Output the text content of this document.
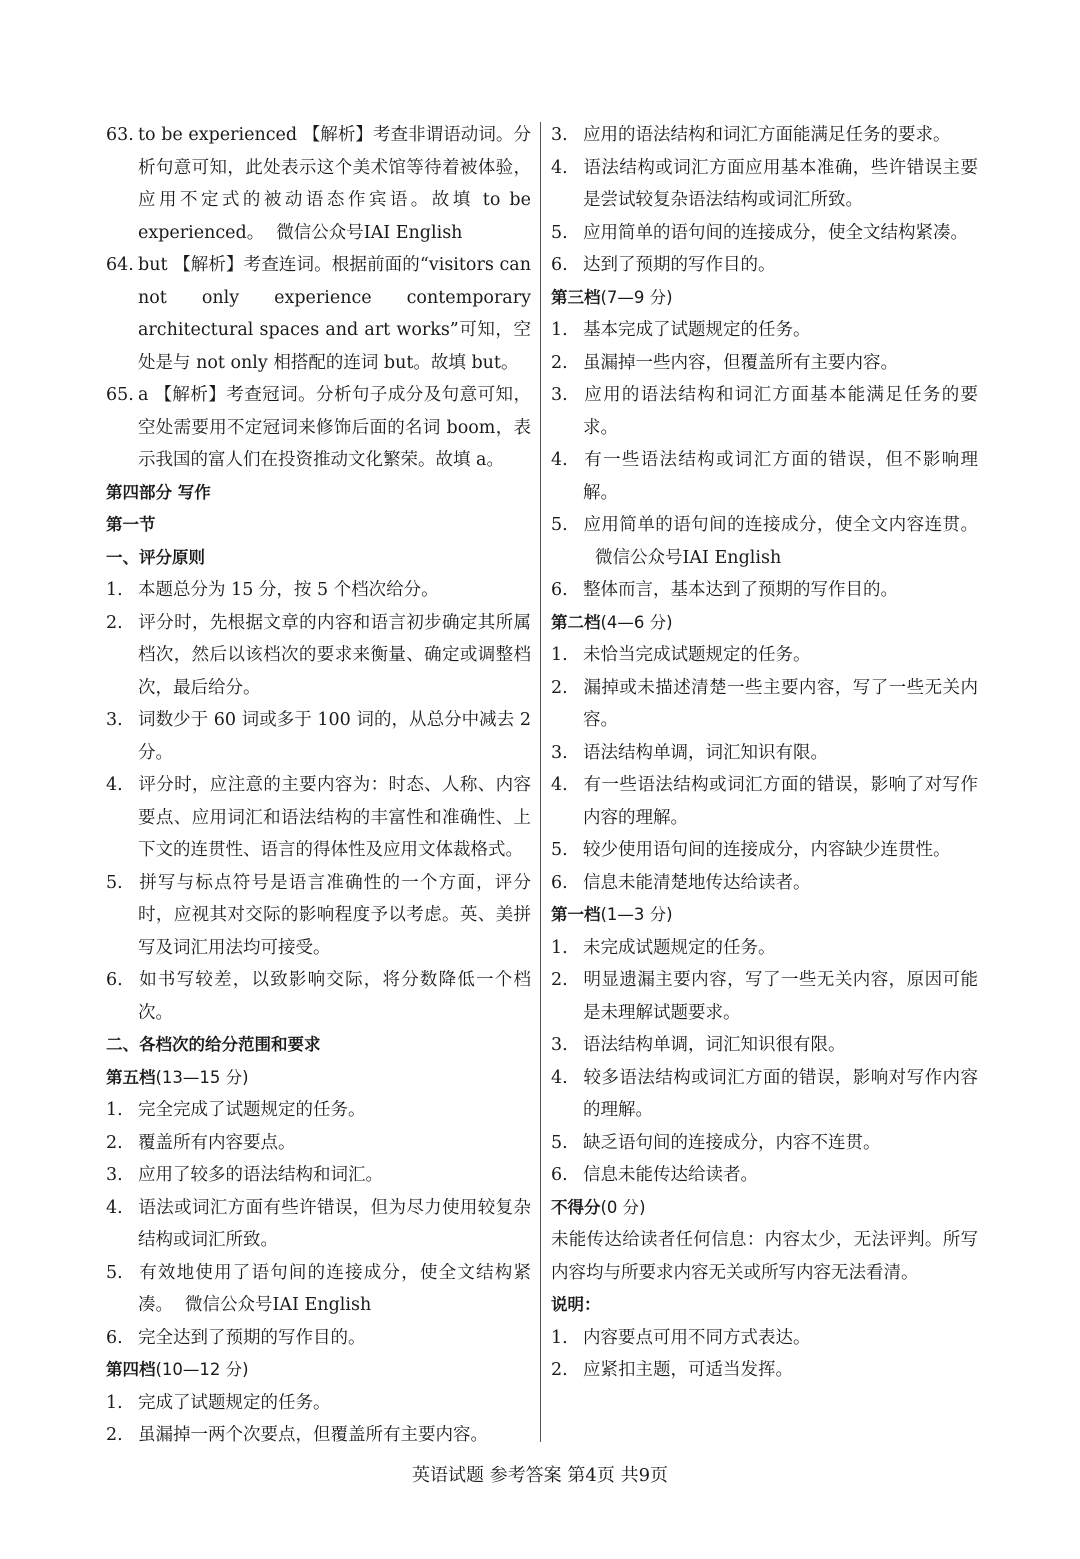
63. to be experienced 【解析】考查非谓语动词。分析句意可知，此处表示这个美术馆等待着被体验，应用不定式的被动语态作宾语。故填 to be experienced。 微信公众号IAI English

64. but 【解析】考查连词。根据前面的“visitors can not only experience contemporary architectural spaces and art works”可知，空处是与 not only 相搭配的连词 but。故填 but。

65. a 【解析】考查冠词。分析句子成分及句意可知，空处需要用不定冠词来修饰后面的名词 boom，表示我国的富人们在投资推动文化繁荣。故填 a。

第四部分 写作

第一节

一、评分原则

1. 本题总分为 15 分，按 5 个档次给分。

2. 评分时，先根据文章的内容和语言初步确定其所属档次，然后以该档次的要求来衡量、确定或调整档次，最后给分。

3. 词数少于 60 词或多于 100 词的，从总分中减去 2 分。

4. 评分时，应注意的主要内容为：时态、人称、内容要点、应用词汇和语法结构的丰富性和准确性、上下文的连贯性、语言的得体性及应用文体裁格式。

5. 拼写与标点符号是语言准确性的一个方面，评分时，应视其对交际的影响程度予以考虑。英、美拼写及词汇用法均可接受。

6. 如书写较差，以致影响交际，将分数降低一个档次。

二、各档次的给分范围和要求

第五档(13—15 分)

1. 完全完成了试题规定的任务。

2. 覆盖所有内容要点。

3. 应用了较多的语法结构和词汇。

4. 语法或词汇方面有些许错误，但为尽力使用较复杂结构或词汇所致。

5. 有效地使用了语句间的连接成分，使全文结构紧凑。 微信公众号IAI English

6. 完全达到了预期的写作目的。

第四档(10—12 分)

1. 完成了试题规定的任务。

2. 虽漏掉一两个次要点，但覆盖所有主要内容。

3. 应用的语法结构和词汇方面能满足任务的要求。

4. 语法结构或词汇方面应用基本准确，些许错误主要是尝试较复杂语法结构或词汇所致。

5. 应用简单的语句间的连接成分，使全文结构紧凑。

6. 达到了预期的写作目的。

第三档(7—9 分)

1. 基本完成了试题规定的任务。

2. 虽漏掉一些内容，但覆盖所有主要内容。

3. 应用的语法结构和词汇方面基本能满足任务的要求。

4. 有一些语法结构或词汇方面的错误，但不影响理解。

5. 应用简单的语句间的连接成分，使全文内容连贯。微信公众号IAI English

6. 整体而言，基本达到了预期的写作目的。

第二档(4—6 分)

1. 未恰当完成试题规定的任务。

2. 漏掉或未描述清楚一些主要内容，写了一些无关内容。

3. 语法结构单调，词汇知识有限。

4. 有一些语法结构或词汇方面的错误，影响了对写作内容的理解。

5. 较少使用语句间的连接成分，内容缺少连贯性。

6. 信息未能清楚地传达给读者。

第一档(1—3 分)

1. 未完成试题规定的任务。

2. 明显遗漏主要内容，写了一些无关内容，原因可能是未理解试题要求。

3. 语法结构单调，词汇知识很有限。

4. 较多语法结构或词汇方面的错误，影响对写作内容的理解。

5. 缺乏语句间的连接成分，内容不连贯。

6. 信息未能传达给读者。

不得分(0 分)

未能传达给读者任何信息：内容太少，无法评判。所写内容均与所要求内容无关或所写内容无法看清。

说明：

1. 内容要点可用不同方式表达。

2. 应紧扣主题，可适当发挥。

英语试题 参考答案 第4页 共9页
